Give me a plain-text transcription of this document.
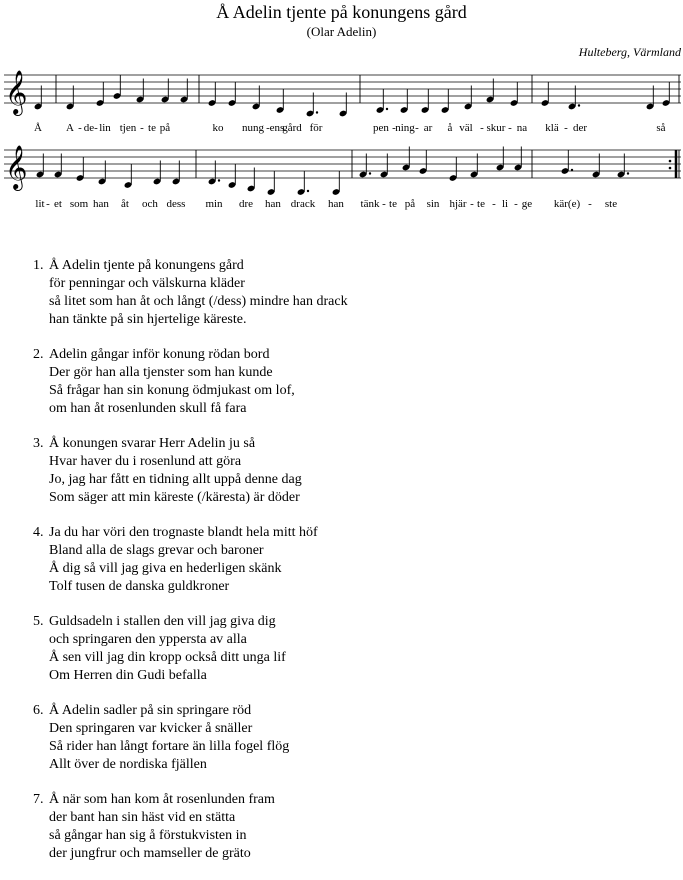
Å Adelin tjente på konungens gård
(Olar Adelin)
Hulteberg, Värmland
𝄞
Å A - de - lin tjen - te på	ko nung - ens
gård för	pen - ning - ar å väl - skur - na klä - der	så
𝄞
lit - et som han åt och dess min dre han drack han tänk - te på sin hjär - te - li - ge kär(e) - ste
1. Å Adelin tjente på konungens gård
för penningar och välskurna kläder
så litet som han åt och långt (/dess) mindre han drack
han tänkte på sin hjertelige käreste.
2. Adelin gångar inför konung rödan bord
Der gör han alla tjenster som han kunde
Så frågar han sin konung ödmjukast om lof,
om han åt rosenlunden skull få fara
3. Å konungen svarar Herr Adelin ju så
Hvar haver du i rosenlund att göra
Jo, jag har fått en tidning allt uppå denne dag
Som säger att min käreste (/käresta) är döder
4. Ja du har vöri den trognaste blandt hela mitt höf
Bland alla de slags grevar och baroner
Å dig så vill jag giva en hederligen skänk
Tolf tusen de danska guldkroner
5. Guldsadeln i stallen den vill jag giva dig
och springaren den yppersta av alla
Å sen vill jag din kropp också ditt unga lif
Om Herren din Gudi befalla
6. Å Adelin sadler på sin springare röd
Den springaren var kvicker å snäller
Så rider han långt fortare än lilla fogel flög
Allt över de nordiska fjällen
7. Å när som han kom åt rosenlunden fram
der bant han sin häst vid en stätta
så gångar han sig å förstukvisten in
der jungfrur och mamseller de gräto
